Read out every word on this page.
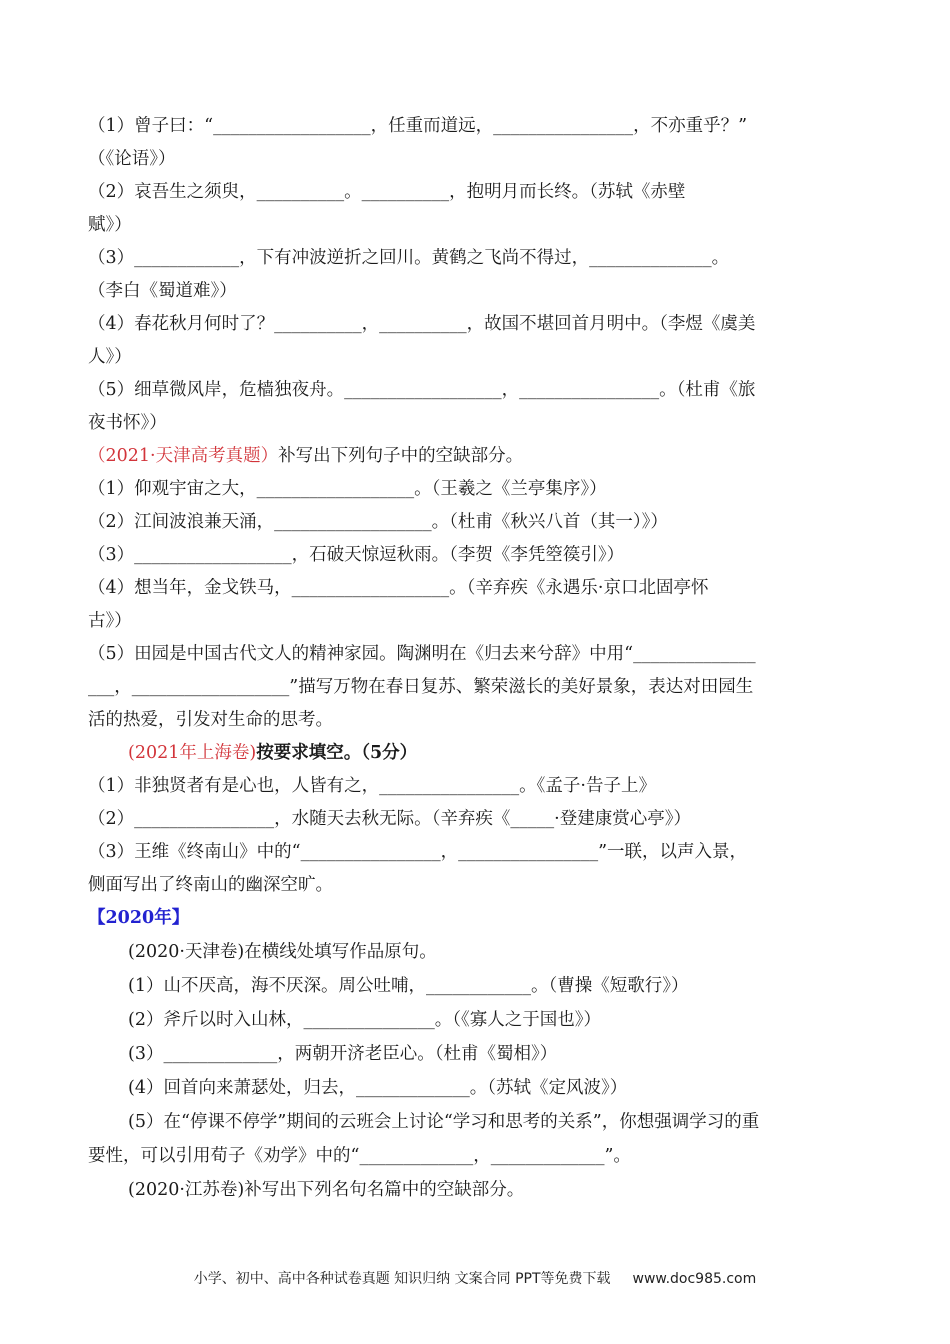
（1）曾子曰：“__________________，任重而道远，________________，不亦重乎？”
（《论语》）
（2）哀吾生之须臾，__________。__________，抱明月而长终。（苏轼《赤壁
赋》）
（3）____________，下有冲波逆折之回川。黄鹤之飞尚不得过，______________。
（李白《蜀道难》）
（4）春花秋月何时了？__________，__________，故国不堪回首月明中。（李煜《虞美
人》）
（5）细草微风岸，危樯独夜舟。__________________，________________。（杜甫《旅
夜书怀》）
（2021·天津高考真题）补写出下列句子中的空缺部分。
（1）仰观宇宙之大，__________________。（王羲之《兰亭集序》）
（2）江间波浪兼天涌，__________________。（杜甫《秋兴八首（其一）》）
（3）__________________，石破天惊逗秋雨。（李贺《李凭箜篌引》）
（4）想当年，金戈铁马，__________________。（辛弃疾《永遇乐·京口北固亭怀
古》）
（5）田园是中国古代文人的精神家园。陶渊明在《归去来兮辞》中用“______________
___，__________________”描写万物在春日复苏、繁荣滋长的美好景象，表达对田园生
活的热爱，引发对生命的思考。
(2021年上海卷)按要求填空。（5分）
（1）非独贤者有是心也，人皆有之，________________。《孟子·告子上》
（2）________________，水随天去秋无际。（辛弃疾《_____·登建康赏心亭》）
（3）王维《终南山》中的“________________，________________”一联，以声入景，
侧面写出了终南山的幽深空旷。
【2020年】
(2020·天津卷)在横线处填写作品原句。
(1）山不厌高，海不厌深。周公吐哺，____________。（曹操《短歌行》）
(2）斧斤以时入山林，_______________。（《寡人之于国也》）
(3）_____________，两朝开济老臣心。（杜甫《蜀相》）
(4）回首向来萧瑟处，归去，_____________。（苏轼《定风波》）
(5）在“停课不停学”期间的云班会上讨论“学习和思考的关系”，你想强调学习的重
要性，可以引用荀子《劝学》中的“_____________，_____________”。
(2020·江苏卷)补写出下列名句名篇中的空缺部分。
小学、初中、高中各种试卷真题 知识归纳 文案合同 PPT等免费下载 www.doc985.com
